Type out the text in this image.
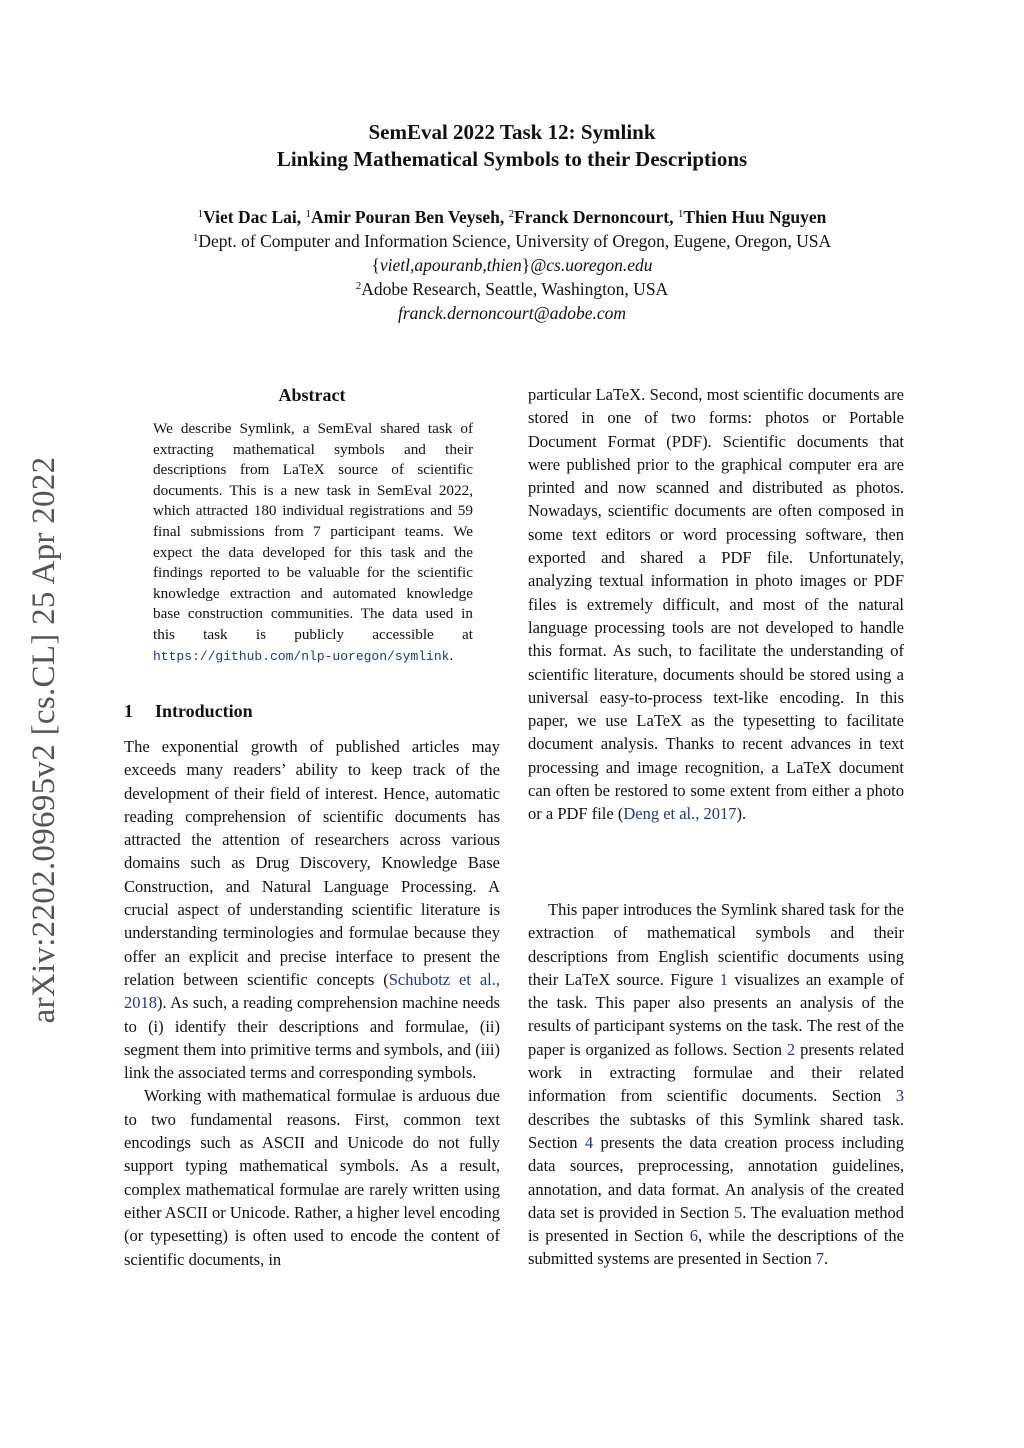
arXiv:2202.09695v2 [cs.CL] 25 Apr 2022
SemEval 2022 Task 12: Symlink
Linking Mathematical Symbols to their Descriptions
$^1$Viet Dac Lai, $^1$Amir Pouran Ben Veyseh, $^2$Franck Dernoncourt, $^1$Thien Huu Nguyen
$^1$Dept. of Computer and Information Science, University of Oregon, Eugene, Oregon, USA
{vietl,apouranb,thien}@cs.uoregon.edu
$^2$Adobe Research, Seattle, Washington, USA
franck.dernoncourt@adobe.com
Abstract
We describe Symlink, a SemEval shared task of extracting mathematical symbols and their descriptions from LaTeX source of scientific documents. This is a new task in SemEval 2022, which attracted 180 individual registrations and 59 final submissions from 7 participant teams. We expect the data developed for this task and the findings reported to be valuable for the scientific knowledge extraction and automated knowledge base construction communities. The data used in this task is publicly accessible at https://github.com/nlp-uoregon/symlink.
1 Introduction

The exponential growth of published articles may exceeds many readers’ ability to keep track of the development of their field of interest. Hence, automatic reading comprehension of scientific documents has attracted the attention of researchers across various domains such as Drug Discovery, Knowledge Base Construction, and Natural Language Processing. A crucial aspect of understanding scientific literature is understanding terminologies and formulae because they offer an explicit and precise interface to present the relation between scientific concepts (Schubotz et al., 2018). As such, a reading comprehension machine needs to (i) identify their descriptions and formulae, (ii) segment them into primitive terms and symbols, and (iii) link the associated terms and corresponding symbols.

Working with mathematical formulae is arduous due to two fundamental reasons. First, common text encodings such as ASCII and Unicode do not fully support typing mathematical symbols. As a result, complex mathematical formulae are rarely written using either ASCII or Unicode. Rather, a higher level encoding (or typesetting) is often used to encode the content of scientific documents, in

particular LaTeX. Second, most scientific documents are stored in one of two forms: photos or Portable Document Format (PDF). Scientific documents that were published prior to the graphical computer era are printed and now scanned and distributed as photos. Nowadays, scientific documents are often composed in some text editors or word processing software, then exported and shared a PDF file. Unfortunately, analyzing textual information in photo images or PDF files is extremely difficult, and most of the natural language processing tools are not developed to handle this format. As such, to facilitate the understanding of scientific literature, documents should be stored using a universal easy-to-process text-like encoding. In this paper, we use LaTeX as the typesetting to facilitate document analysis. Thanks to recent advances in text processing and image recognition, a LaTeX document can often be restored to some extent from either a photo or a PDF file (Deng et al., 2017).

This paper introduces the Symlink shared task for the extraction of mathematical symbols and their descriptions from English scientific documents using their LaTeX source. Figure 1 visualizes an example of the task. This paper also presents an analysis of the results of participant systems on the task. The rest of the paper is organized as follows. Section 2 presents related work in extracting formulae and their related information from scientific documents. Section 3 describes the subtasks of this Symlink shared task. Section 4 presents the data creation process including data sources, preprocessing, annotation guidelines, annotation, and data format. An analysis of the created data set is provided in Section 5. The evaluation method is presented in Section 6, while the descriptions of the submitted systems are presented in Section 7.
